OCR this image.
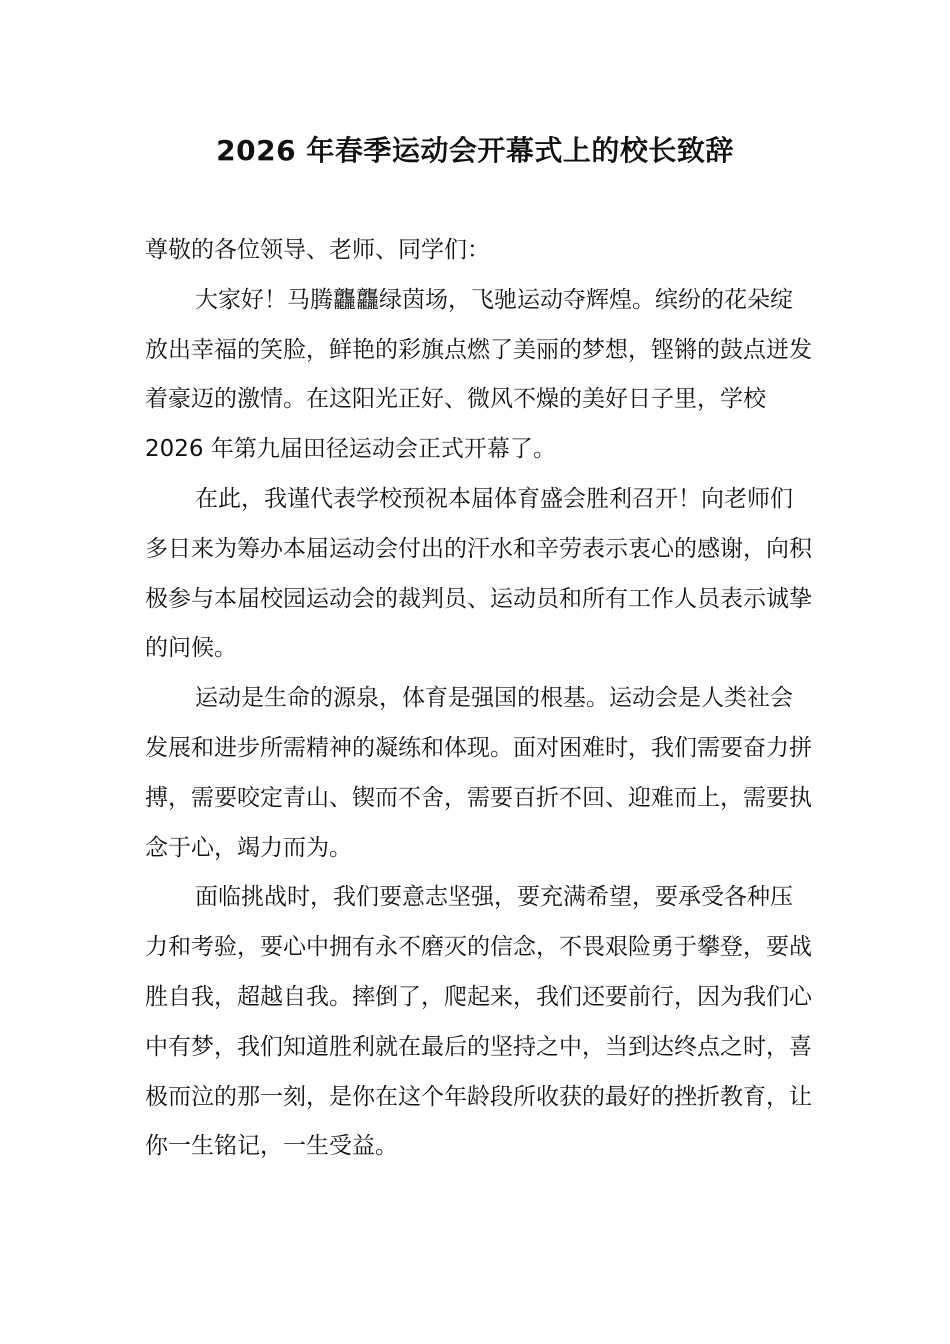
2026 年春季运动会开幕式上的校长致辞

尊敬的各位领导、老师、同学们：

大家好！马腾龘龘绿茵场，飞驰运动夺辉煌。缤纷的花朵绽放出幸福的笑脸，鲜艳的彩旗点燃了美丽的梦想，铿锵的鼓点迸发着豪迈的激情。在这阳光正好、微风不燥的美好日子里，学校 2026 年第九届田径运动会正式开幕了。

在此，我谨代表学校预祝本届体育盛会胜利召开！向老师们多日来为筹办本届运动会付出的汗水和辛劳表示衷心的感谢，向积极参与本届校园运动会的裁判员、运动员和所有工作人员表示诚挚的问候。

运动是生命的源泉，体育是强国的根基。运动会是人类社会发展和进步所需精神的凝练和体现。面对困难时，我们需要奋力拼搏，需要咬定青山、锲而不舍，需要百折不回、迎难而上，需要执念于心，竭力而为。

面临挑战时，我们要意志坚强，要充满希望，要承受各种压力和考验，要心中拥有永不磨灭的信念，不畏艰险勇于攀登，要战胜自我，超越自我。摔倒了，爬起来，我们还要前行，因为我们心中有梦，我们知道胜利就在最后的坚持之中，当到达终点之时，喜极而泣的那一刻，是你在这个年龄段所收获的最好的挫折教育，让你一生铭记，一生受益。
